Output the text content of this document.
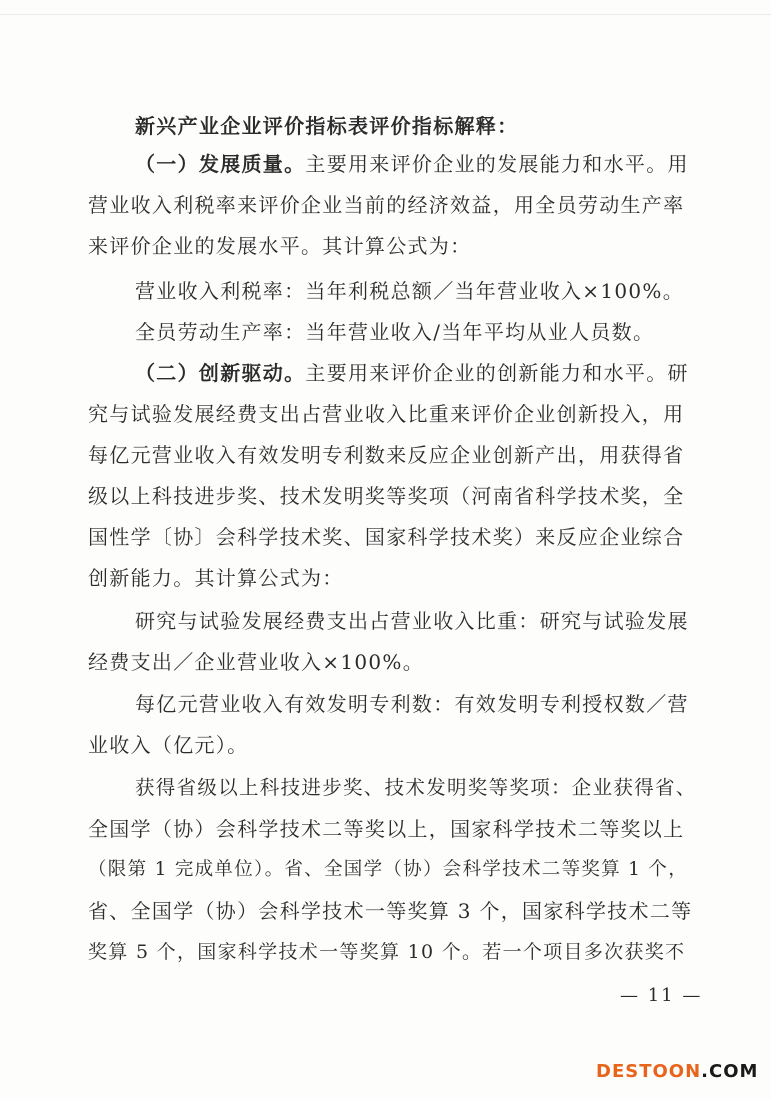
新兴产业企业评价指标表评价指标解释：
（一）发展质量。主要用来评价企业的发展能力和水平。用
营业收入利税率来评价企业当前的经济效益，用全员劳动生产率
来评价企业的发展水平。其计算公式为：
营业收入利税率：当年利税总额／当年营业收入×100%。
全员劳动生产率：当年营业收入/当年平均从业人员数。
（二）创新驱动。主要用来评价企业的创新能力和水平。研
究与试验发展经费支出占营业收入比重来评价企业创新投入，用
每亿元营业收入有效发明专利数来反应企业创新产出，用获得省
级以上科技进步奖、技术发明奖等奖项（河南省科学技术奖，全
国性学〔协〕会科学技术奖、国家科学技术奖）来反应企业综合
创新能力。其计算公式为：
研究与试验发展经费支出占营业收入比重：研究与试验发展
经费支出／企业营业收入×100%。
每亿元营业收入有效发明专利数：有效发明专利授权数／营
业收入（亿元）。
获得省级以上科技进步奖、技术发明奖等奖项：企业获得省、
全国学（协）会科学技术二等奖以上，国家科学技术二等奖以上
（限第 1 完成单位）。省、全国学（协）会科学技术二等奖算 1 个，
省、全国学（协）会科学技术一等奖算 3 个，国家科学技术二等
奖算 5 个，国家科学技术一等奖算 10 个。若一个项目多次获奖不
— 11 —
DESTOON.COM
